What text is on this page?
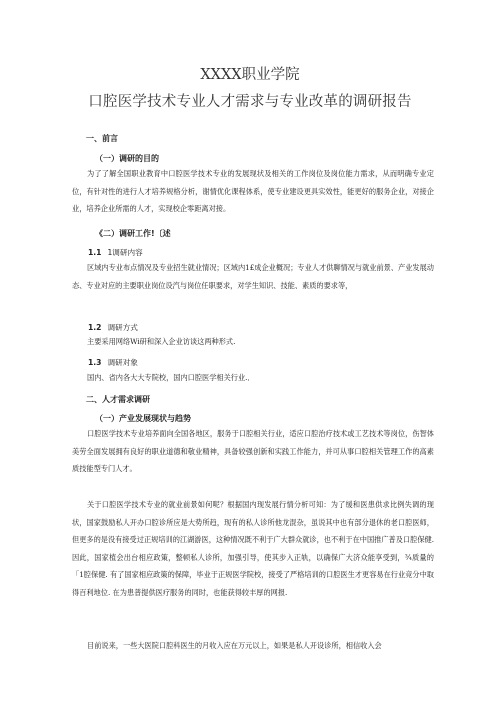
XXXX职业学院
口腔医学技术专业人才需求与专业改革的调研报告
一、前言
（一）调研的目的

为了了解全国职业教育中口腔医学技术专业的发展现状及相关的工作岗位及岗位能力需求，从而明确专业定位，有针对性的进行人才培养规格分析，谢情优化课程体系，使专业建设更具实效性，能更好的服务企业，对接企业，培养企业所需的人才，实现校企零距离对接。

《二）调研工作!〔述
1.1 1调研内容

区域内专业布点情况及专业招生就业情况；区域内1£成企业概况；专业人才供聊情况与就业前景、产业发展动态、专业对应的主要职业岗位设汽与岗位任职要求，对学生知识、技能、素质的要求等，

1.2 调研方式

主要采用网络Wi研和深入企业访谈这两种形式.

1.3 调研对象

国内、省内各大大专院校，国内口腔医学相关行业.．

二、人才需求调研
（一）产业发展现状与趋势

口腔医学技术专业培养面向全国各地区，服务于口腔相关行业，适应口腔治疗技术或工艺技术等岗位，伤智体美劳全面发展拥有良好的职业道德和敬业精神，具备较强创新和实践工作能力，并可从事口腔相关管理工作的高素质技能型专门人才。

关于口腔医学技术专业的就业前景如何呢？根据国内现发展行情分析可知：为了缓和医患供求比例失调的现状，国家鼓励私人开办口腔诊所应是大势所趋，现有的私人诊所他龙混杂，虽说其中也有部分退休的老口腔医师，但更多的是没有接受过正规培训的江湖游医，这种情况既不利于广大群众就诊，也不利于在中国推广普及口腔保健. 因此，国家植会出台相应政策，整顿私人诊所，加强引导，使其步入正轨，以确保广大济众能享受到，¾质量的「1腔保健. 有了国家相应政策的保障，毕业于正规医学院校，接受了严格培训的口腔医生才更容易在行业竞分中取得百利地位. 在为患普提供医疗服务的同时，也能获得较丰厚的网报.

目前说来，一些大医院口腔科医生的月收入应在万元以上，如果是私人开设诊所，相信收入会
